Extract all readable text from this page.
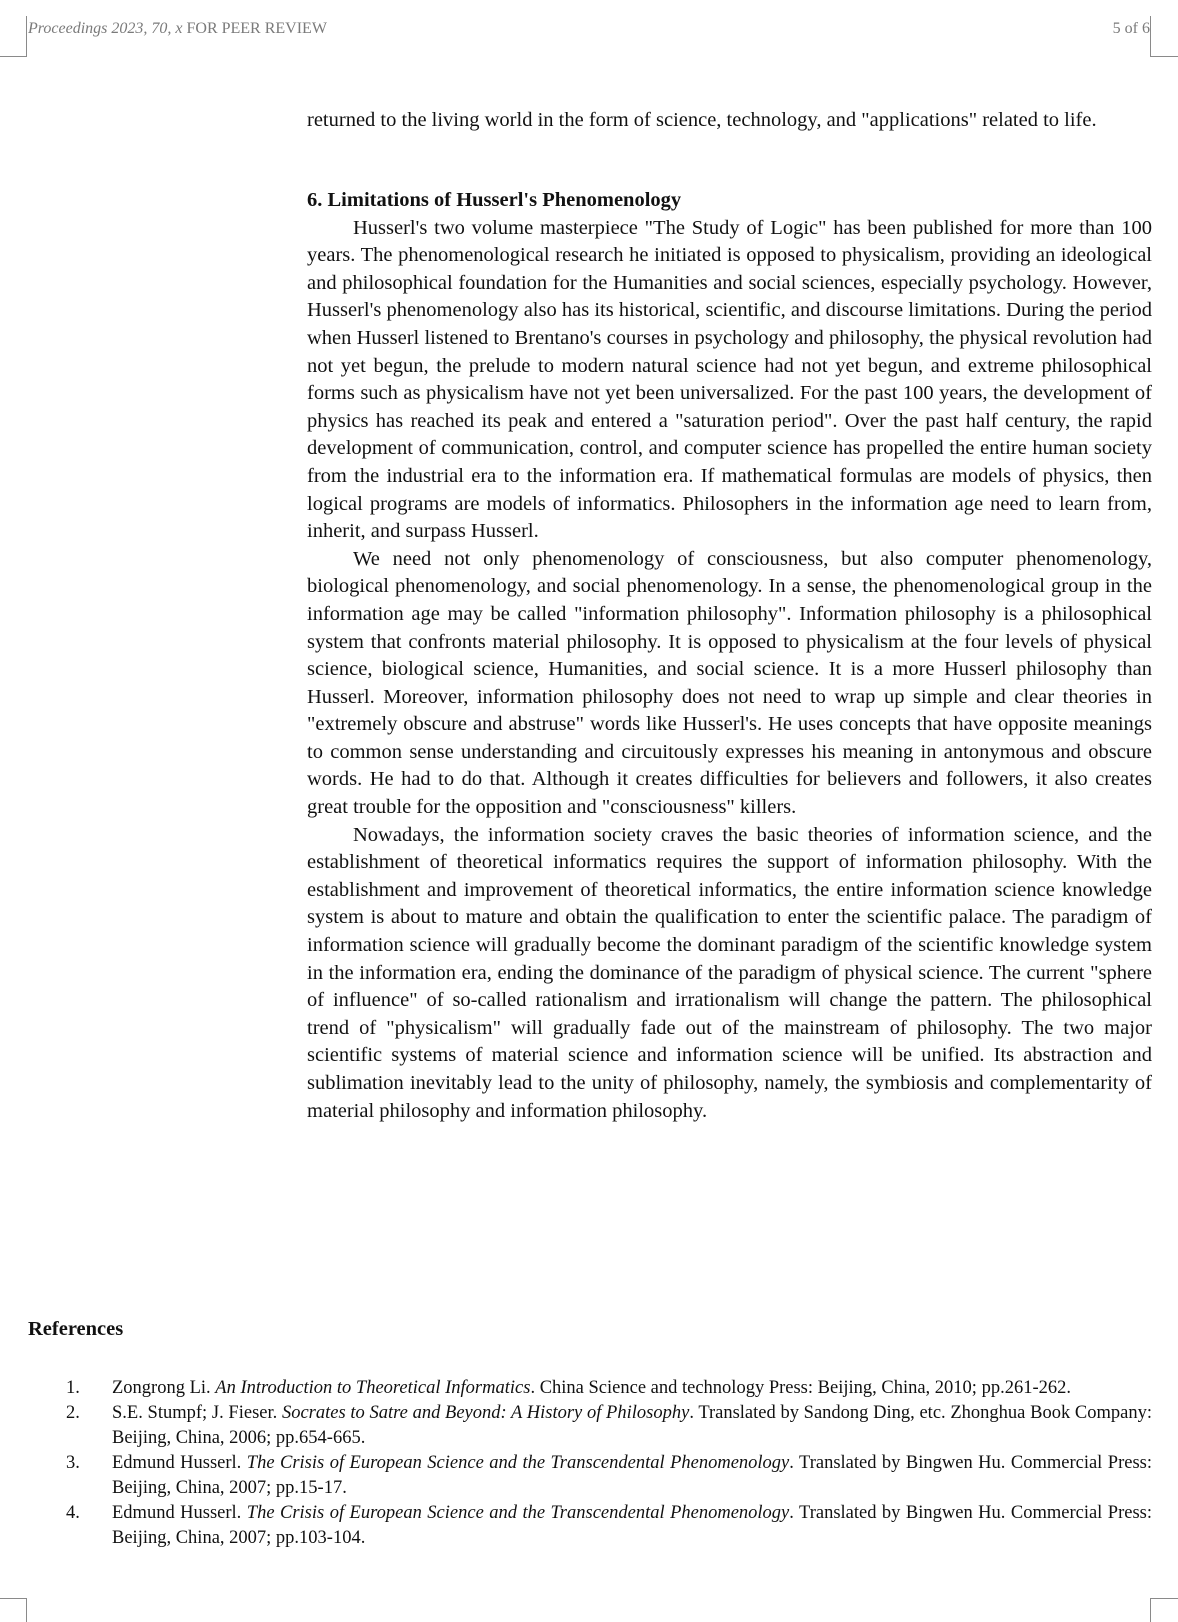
Proceedings 2023, 70, x FOR PEER REVIEW	5 of 6

returned to the living world in the form of science, technology, and "applications" related to life.

6. Limitations of Husserl's Phenomenology

Husserl's two volume masterpiece "The Study of Logic" has been published for more than 100 years. The phenomenological research he initiated is opposed to physicalism, providing an ideological and philosophical foundation for the Humanities and social sciences, especially psychology. However, Husserl's phenomenology also has its historical, scientific, and discourse limitations. During the period when Husserl listened to Brentano's courses in psychology and philosophy, the physical revolution had not yet begun, the prelude to modern natural science had not yet begun, and extreme philosophical forms such as physicalism have not yet been universalized. For the past 100 years, the development of physics has reached its peak and entered a "saturation period". Over the past half century, the rapid development of communication, control, and computer science has propelled the entire human society from the industrial era to the information era. If mathematical formulas are models of physics, then logical programs are models of informatics. Philosophers in the information age need to learn from, inherit, and surpass Husserl.

We need not only phenomenology of consciousness, but also computer phenomenology, biological phenomenology, and social phenomenology. In a sense, the phenomenological group in the information age may be called "information philosophy". Information philosophy is a philosophical system that confronts material philosophy. It is opposed to physicalism at the four levels of physical science, biological science, Humanities, and social science. It is a more Husserl philosophy than Husserl. Moreover, information philosophy does not need to wrap up simple and clear theories in "extremely obscure and abstruse" words like Husserl's. He uses concepts that have opposite meanings to common sense understanding and circuitously expresses his meaning in antonymous and obscure words. He had to do that. Although it creates difficulties for believers and followers, it also creates great trouble for the opposition and "consciousness" killers.

Nowadays, the information society craves the basic theories of information science, and the establishment of theoretical informatics requires the support of information philosophy. With the establishment and improvement of theoretical informatics, the entire information science knowledge system is about to mature and obtain the qualification to enter the scientific palace. The paradigm of information science will gradually become the dominant paradigm of the scientific knowledge system in the information era, ending the dominance of the paradigm of physical science. The current "sphere of influence" of so-called rationalism and irrationalism will change the pattern. The philosophical trend of "physicalism" will gradually fade out of the mainstream of philosophy. The two major scientific systems of material science and information science will be unified. Its abstraction and sublimation inevitably lead to the unity of philosophy, namely, the symbiosis and complementarity of material philosophy and information philosophy.

References
1. Zongrong Li. An Introduction to Theoretical Informatics. China Science and technology Press: Beijing, China, 2010; pp.261-262.
2. S.E. Stumpf; J. Fieser. Socrates to Satre and Beyond: A History of Philosophy. Translated by Sandong Ding, etc. Zhonghua Book Company: Beijing, China, 2006; pp.654-665.
3. Edmund Husserl. The Crisis of European Science and the Transcendental Phenomenology. Translated by Bingwen Hu. Commercial Press: Beijing, China, 2007; pp.15-17.
4. Edmund Husserl. The Crisis of European Science and the Transcendental Phenomenology. Translated by Bingwen Hu. Commercial Press: Beijing, China, 2007; pp.103-104.
